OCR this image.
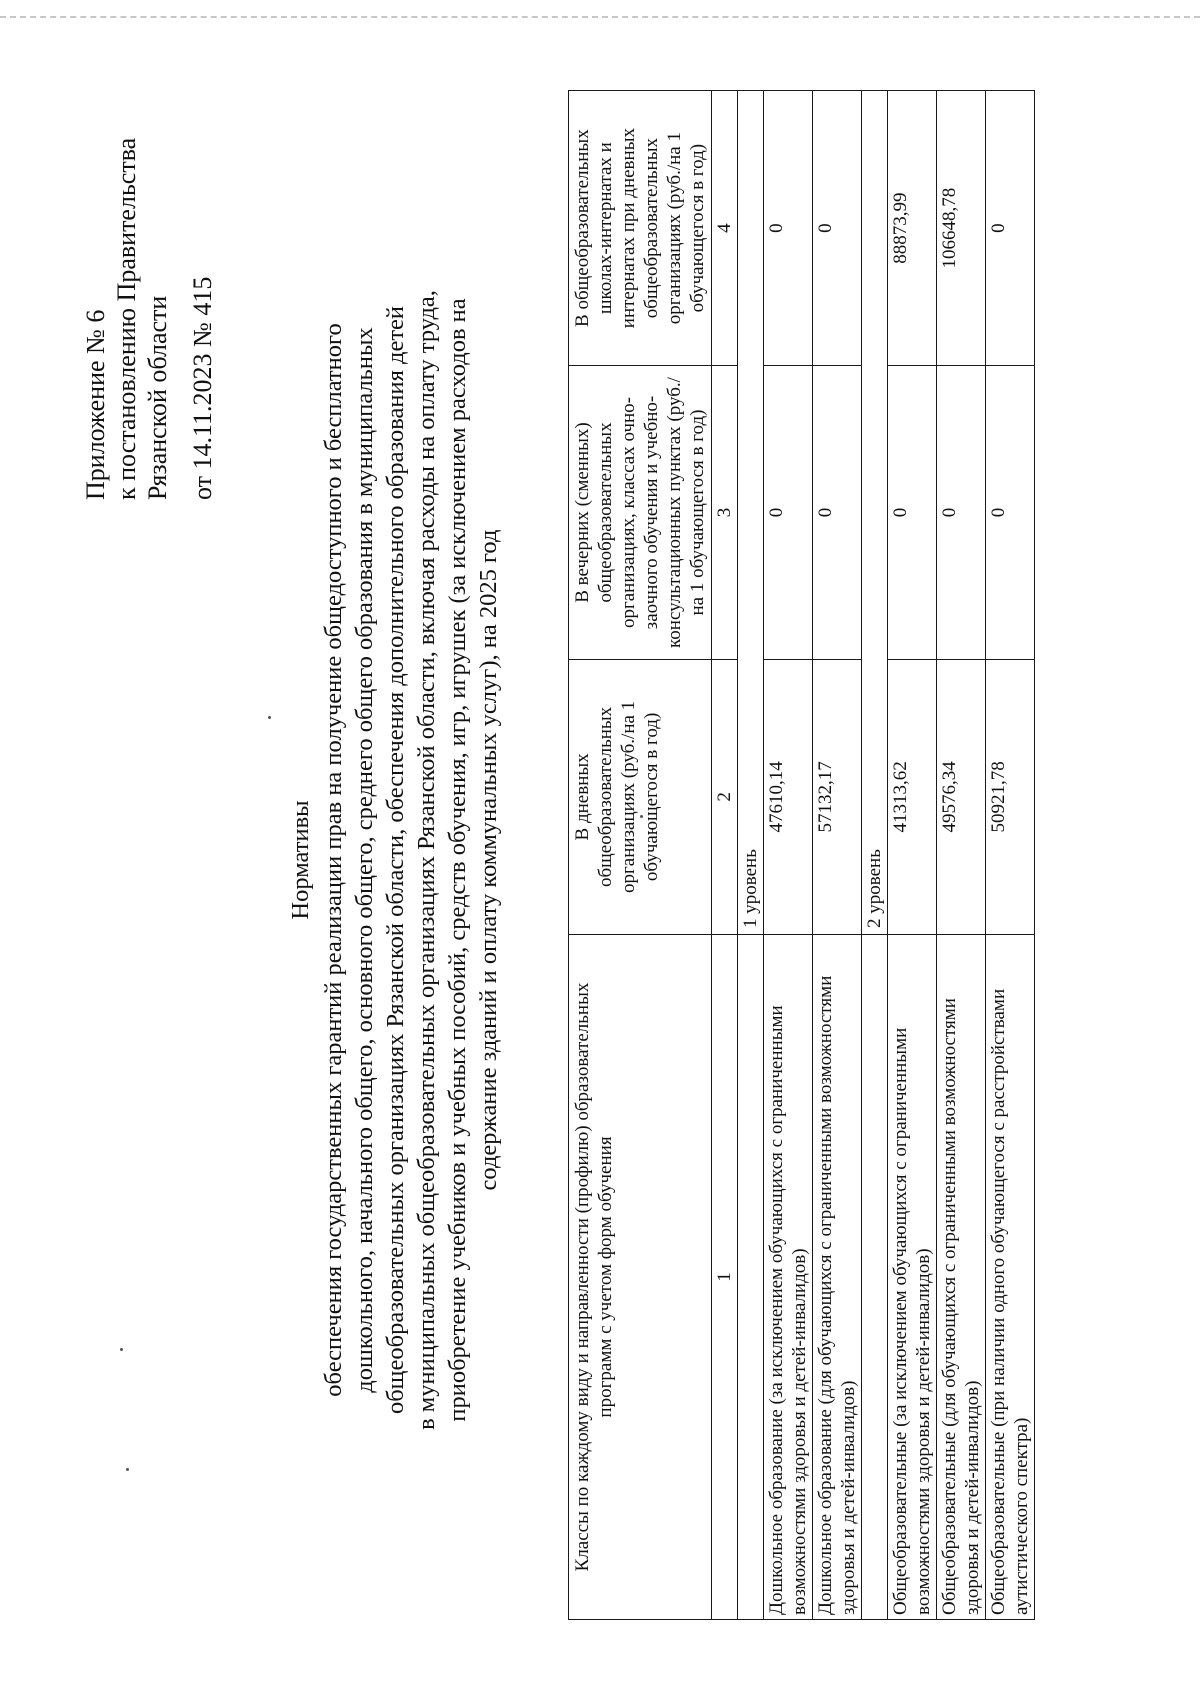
Приложение № 6 к постановлению Правительства Рязанской области от 14.11.2023 № 415
Нормативы обеспечения государственных гарантий реализации прав на получение общедоступного и бесплатного дошкольного, начального общего, основного общего, среднего общего образования в муниципальных общеобразовательных организациях Рязанской области, обеспечения дополнительного образования детей в муниципальных общеобразовательных организациях Рязанской области, включая расходы на оплату труда, приобретение учебников и учебных пособий, средств обучения, игр, игрушек (за исключением расходов на содержание зданий и оплату коммунальных услуг), на 2025 год
Классы по каждому виду и направленности (профилю) образовательных программ с учетом форм обучения	В дневных общеобразовательных организациях (руб./на 1 обучающегося в год)	В вечерних (сменных) общеобразовательных организациях, классах очно-заочного обучения и учебно-консультационных пунктах (руб./на 1 обучающегося в год)	В общеобразовательных школах-интернатах и интернатах при дневных общеобразовательных организациях (руб./на 1 обучающегося в год)
1	2	3	4
	1 уровень		
Дошкольное образование (за исключением обучающихся с ограниченными возможностями здоровья и детей-инвалидов)	47610,14	0	0
Дошкольное образование (для обучающихся с ограниченными возможностями здоровья и детей-инвалидов)	57132,17	0	0
	2 уровень		
Общеобразовательные (за исключением обучающихся с ограниченными возможностями здоровья и детей-инвалидов)	41313,62	0	88873,99
Общеобразовательные (для обучающихся с ограниченными возможностями здоровья и детей-инвалидов)	49576,34	0	106648,78
Общеобразовательные (при наличии одного обучающегося с расстройствами аутистического спектра)	50921,78	0	0
